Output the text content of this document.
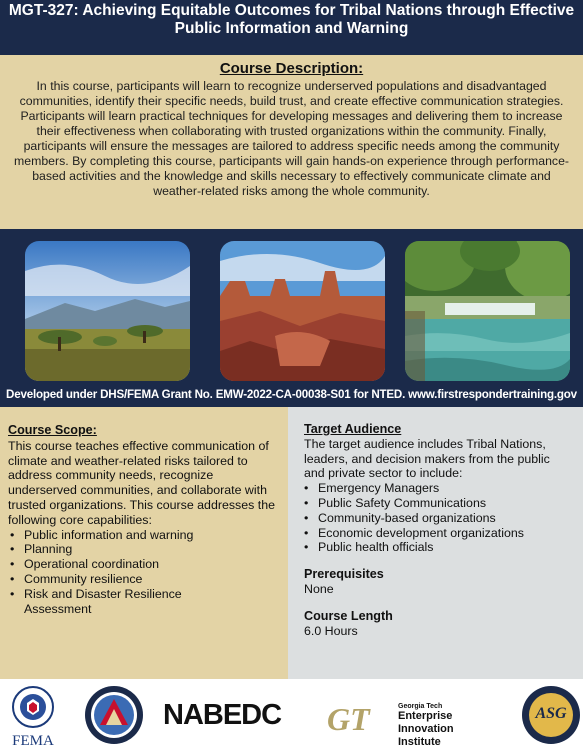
MGT-327: Achieving Equitable Outcomes for Tribal Nations through Effective
Public Information and Warning
Course Description:
In this course, participants will learn to recognize underserved populations and disadvantaged communities, identify their specific needs, build trust, and create effective communication strategies. Participants will learn practical techniques for developing messages and delivering them to increase their effectiveness when collaborating with trusted organizations within the community. Finally, participants will ensure the messages are tailored to address specific needs among the community members. By completing this course, participants will gain hands-on experience through performance-based activities and the knowledge and skills necessary to effectively communicate climate and weather-related risks among the whole community.
Developed under DHS/FEMA Grant No. EMW-2022-CA-00038-S01 for NTED. www.firstrespondertraining.gov
Course Scope:
This course teaches effective communication of climate and weather-related risks tailored to address community needs, recognize underserved communities, and collaborate with trusted organizations. This course addresses the following core capabilities:
• Public information and warning
• Planning
• Operational coordination
• Community resilience
• Risk and Disaster Resilience Assessment
Target Audience
The target audience includes Tribal Nations, leaders, and decision makers from the public and private sector to include:
• Emergency Managers
• Public Safety Communications
• Community-based organizations
• Economic development organizations
• Public health officials
Prerequisites
None
Course Length
6.0 Hours
FEMA
NABEDC GT	Georgia Tech
Enterprise Innovation
Institute
ASG
